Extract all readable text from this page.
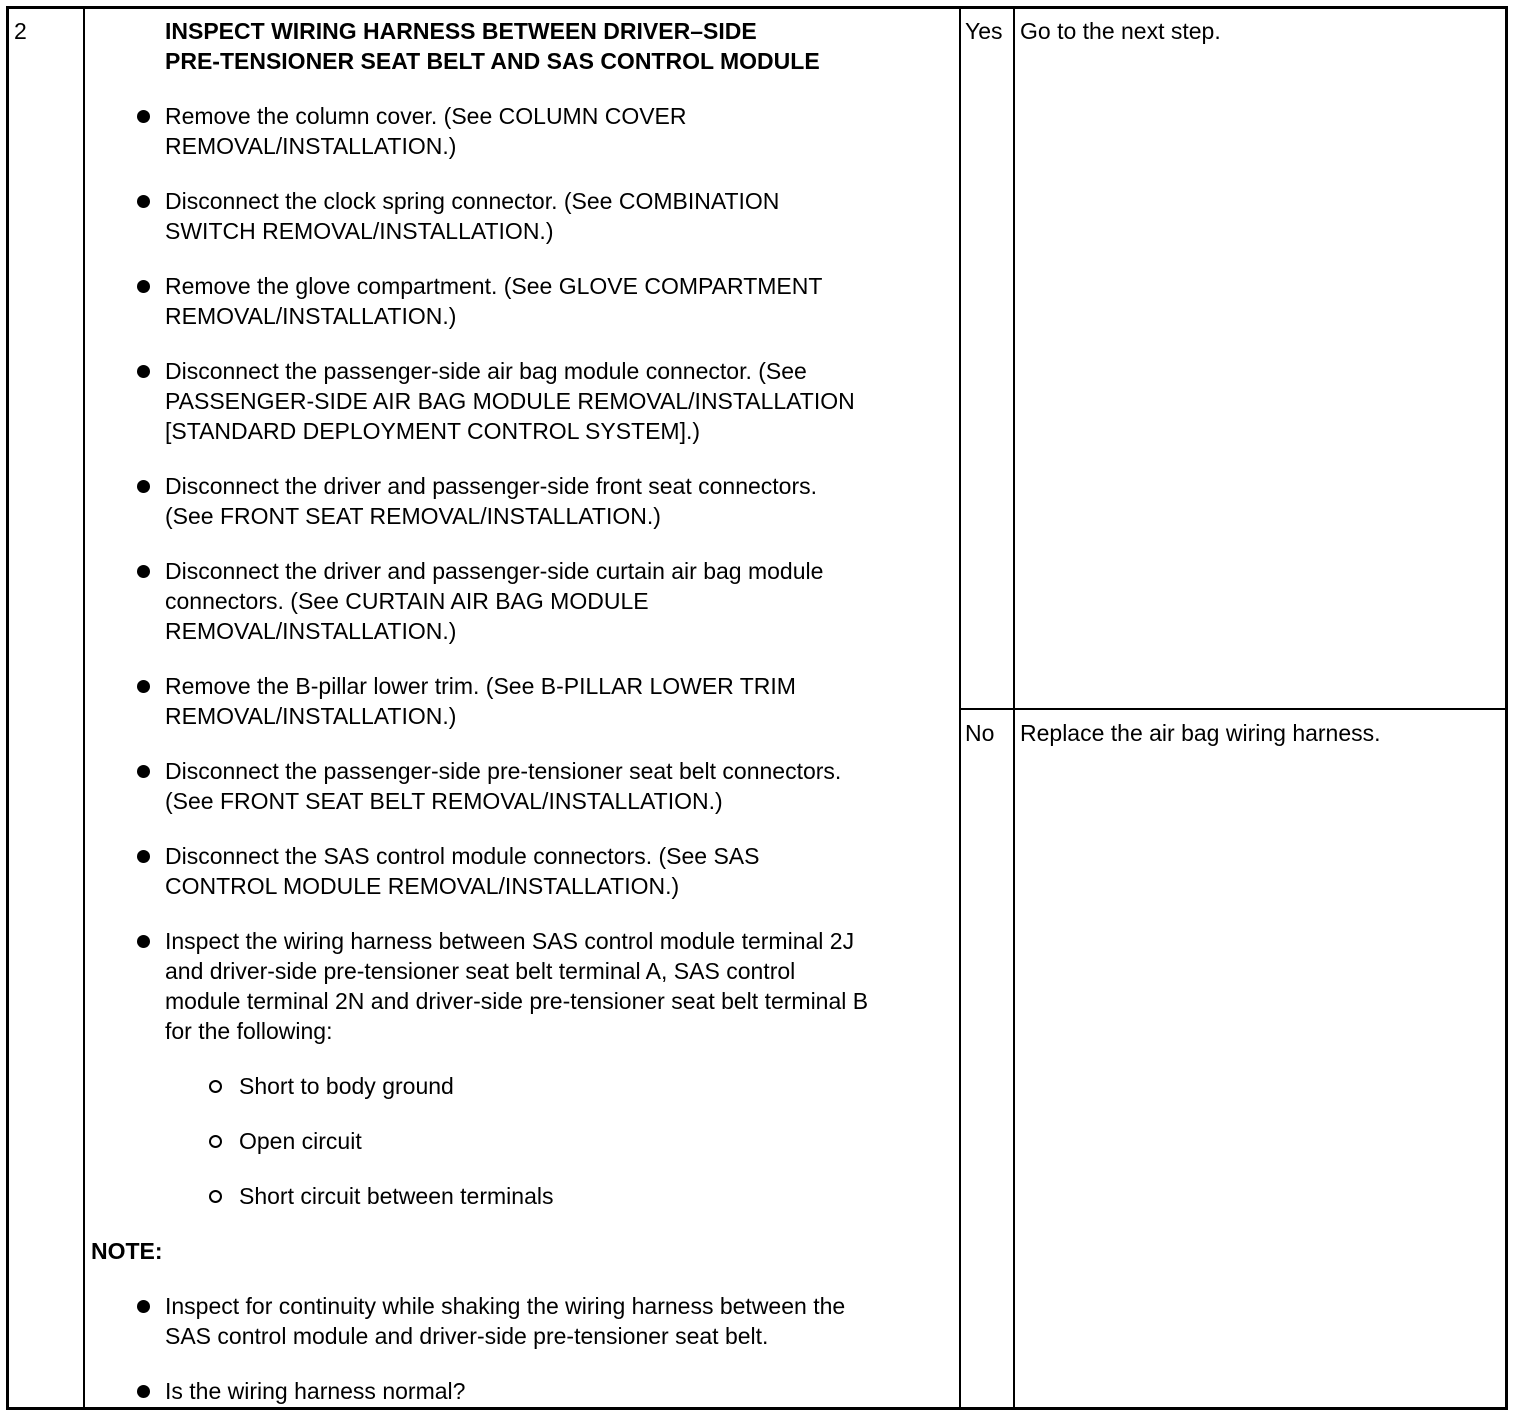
2	INSPECT WIRING HARNESS BETWEEN DRIVER–SIDE
PRE-TENSIONER SEAT BELT AND SAS CONTROL MODULE
Remove the column cover. (See COLUMN COVER
REMOVAL/INSTALLATION.)
Disconnect the clock spring connector. (See COMBINATION
SWITCH REMOVAL/INSTALLATION.)
Remove the glove compartment. (See GLOVE COMPARTMENT
REMOVAL/INSTALLATION.)
Disconnect the passenger-side air bag module connector. (See
PASSENGER-SIDE AIR BAG MODULE REMOVAL/INSTALLATION
[STANDARD DEPLOYMENT CONTROL SYSTEM].)
Disconnect the driver and passenger-side front seat connectors.
(See FRONT SEAT REMOVAL/INSTALLATION.)
Disconnect the driver and passenger-side curtain air bag module
connectors. (See CURTAIN AIR BAG MODULE
REMOVAL/INSTALLATION.)
Remove the B-pillar lower trim. (See B-PILLAR LOWER TRIM
REMOVAL/INSTALLATION.)
Disconnect the passenger-side pre-tensioner seat belt connectors.
(See FRONT SEAT BELT REMOVAL/INSTALLATION.)
Disconnect the SAS control module connectors. (See SAS
CONTROL MODULE REMOVAL/INSTALLATION.)
Inspect the wiring harness between SAS control module terminal 2J
and driver-side pre-tensioner seat belt terminal A, SAS control
module terminal 2N and driver-side pre-tensioner seat belt terminal B
for the following:
Short to body ground
Open circuit
Short circuit between terminals
NOTE:
Inspect for continuity while shaking the wiring harness between the
SAS control module and driver-side pre-tensioner seat belt.
Is the wiring harness normal?
Yes Go to the next step.
No Replace the air bag wiring harness.
